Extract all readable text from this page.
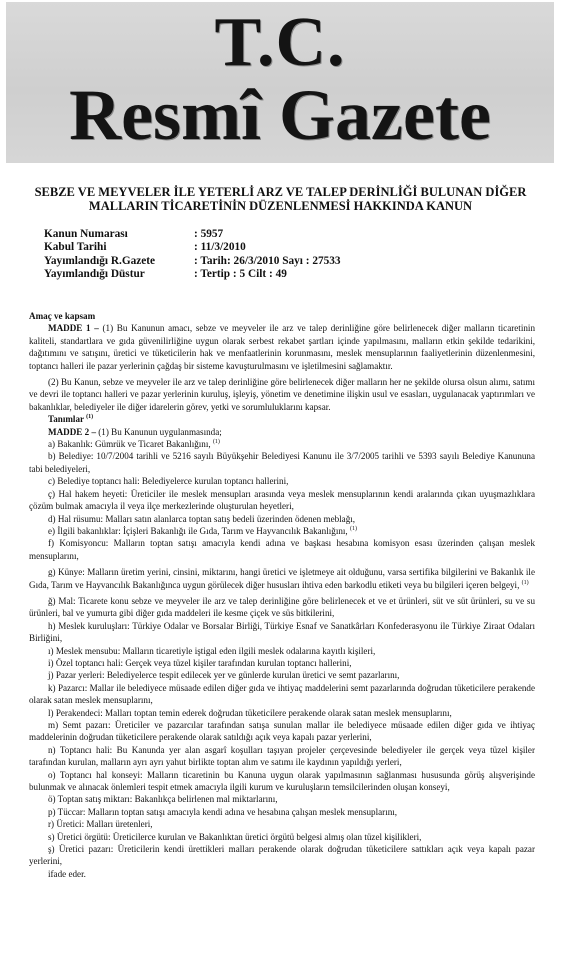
T.C.
Resmî Gazete
SEBZE VE MEYVELER İLE YETERLİ ARZ VE TALEP DERİNLİĞİ BULUNAN DİĞER
MALLARIN TİCARETİNİN DÜZENLENMESİ HAKKINDA KANUN
Kanun Numarası	: 5957
Kabul Tarihi	: 11/3/2010
Yayımlandığı R.Gazete	: Tarih: 26/3/2010 Sayı : 27533
Yayımlandığı Düstur	: Tertip : 5 Cilt : 49

Amaç ve kapsam

MADDE 1 – (1) Bu Kanunun amacı, sebze ve meyveler ile arz ve talep derinliğine göre belirlenecek diğer malların ticaretinin kaliteli, standartlara ve gıda güvenilirliğine uygun olarak serbest rekabet şartları içinde yapılmasını, malların etkin şekilde tedarikini, dağıtımını ve satışını, üretici ve tüketicilerin hak ve menfaatlerinin korunmasını, meslek mensuplarının faaliyetlerinin düzenlenmesini, toptancı halleri ile pazar yerlerinin çağdaş bir sisteme kavuşturulmasını ve işletilmesini sağlamaktır.

(2) Bu Kanun, sebze ve meyveler ile arz ve talep derinliğine göre belirlenecek diğer malların her ne şekilde olursa olsun alımı, satımı ve devri ile toptancı halleri ve pazar yerlerinin kuruluş, işleyiş, yönetim ve denetimine ilişkin usul ve esasları, uygulanacak yaptırımları ve bakanlıklar, belediyeler ile diğer idarelerin görev, yetki ve sorumluluklarını kapsar.

Tanımlar $^{(1)}$

MADDE 2 – (1) Bu Kanunun uygulanmasında;

a) Bakanlık: Gümrük ve Ticaret Bakanlığını, $^{(1)}$

b) Belediye: 10/7/2004 tarihli ve 5216 sayılı Büyükşehir Belediyesi Kanunu ile 3/7/2005 tarihli ve 5393 sayılı Belediye Kanununa tabi belediyeleri,

c) Belediye toptancı hali: Belediyelerce kurulan toptancı hallerini,

ç) Hal hakem heyeti: Üreticiler ile meslek mensupları arasında veya meslek mensuplarının kendi aralarında çıkan uyuşmazlıklara çözüm bulmak amacıyla il veya ilçe merkezlerinde oluşturulan heyetleri,

d) Hal rüsumu: Malları satın alanlarca toptan satış bedeli üzerinden ödenen meblağı,

e) İlgili bakanlıklar: İçişleri Bakanlığı ile Gıda, Tarım ve Hayvancılık Bakanlığını, $^{(1)}$

f) Komisyoncu: Malların toptan satışı amacıyla kendi adına ve başkası hesabına komisyon esası üzerinden çalışan meslek mensuplarını,

g) Künye: Malların üretim yerini, cinsini, miktarını, hangi üretici ve işletmeye ait olduğunu, varsa sertifika bilgilerini ve Bakanlık ile Gıda, Tarım ve Hayvancılık Bakanlığınca uygun görülecek diğer hususları ihtiva eden barkodlu etiketi veya bu bilgileri içeren belgeyi, $^{(1)}$

ğ) Mal: Ticarete konu sebze ve meyveler ile arz ve talep derinliğine göre belirlenecek et ve et ürünleri, süt ve süt ürünleri, su ve su ürünleri, bal ve yumurta gibi diğer gıda maddeleri ile kesme çiçek ve süs bitkilerini,

h) Meslek kuruluşları: Türkiye Odalar ve Borsalar Birliği, Türkiye Esnaf ve Sanatkârları Konfederasyonu ile Türkiye Ziraat Odaları Birliğini,

ı) Meslek mensubu: Malların ticaretiyle iştigal eden ilgili meslek odalarına kayıtlı kişileri,

i) Özel toptancı hali: Gerçek veya tüzel kişiler tarafından kurulan toptancı hallerini,

j) Pazar yerleri: Belediyelerce tespit edilecek yer ve günlerde kurulan üretici ve semt pazarlarını,

k) Pazarcı: Mallar ile belediyece müsaade edilen diğer gıda ve ihtiyaç maddelerini semt pazarlarında doğrudan tüketicilere perakende olarak satan meslek mensuplarını,

l) Perakendeci: Malları toptan temin ederek doğrudan tüketicilere perakende olarak satan meslek mensuplarını,

m) Semt pazarı: Üreticiler ve pazarcılar tarafından satışa sunulan mallar ile belediyece müsaade edilen diğer gıda ve ihtiyaç maddelerinin doğrudan tüketicilere perakende olarak satıldığı açık veya kapalı pazar yerlerini,

n) Toptancı hali: Bu Kanunda yer alan asgarî koşulları taşıyan projeler çerçevesinde belediyeler ile gerçek veya tüzel kişiler tarafından kurulan, malların ayrı ayrı yahut birlikte toptan alım ve satımı ile kaydının yapıldığı yerleri,

o) Toptancı hal konseyi: Malların ticaretinin bu Kanuna uygun olarak yapılmasının sağlanması hususunda görüş alışverişinde bulunmak ve alınacak önlemleri tespit etmek amacıyla ilgili kurum ve kuruluşların temsilcilerinden oluşan konseyi,

ö) Toptan satış miktarı: Bakanlıkça belirlenen mal miktarlarını,

p) Tüccar: Malların toptan satışı amacıyla kendi adına ve hesabına çalışan meslek mensuplarını,

r) Üretici: Malları üretenleri,

s) Üretici örgütü: Üreticilerce kurulan ve Bakanlıktan üretici örgütü belgesi almış olan tüzel kişilikleri,

ş) Üretici pazarı: Üreticilerin kendi ürettikleri malları perakende olarak doğrudan tüketicilere sattıkları açık veya kapalı pazar yerlerini,

ifade eder.
